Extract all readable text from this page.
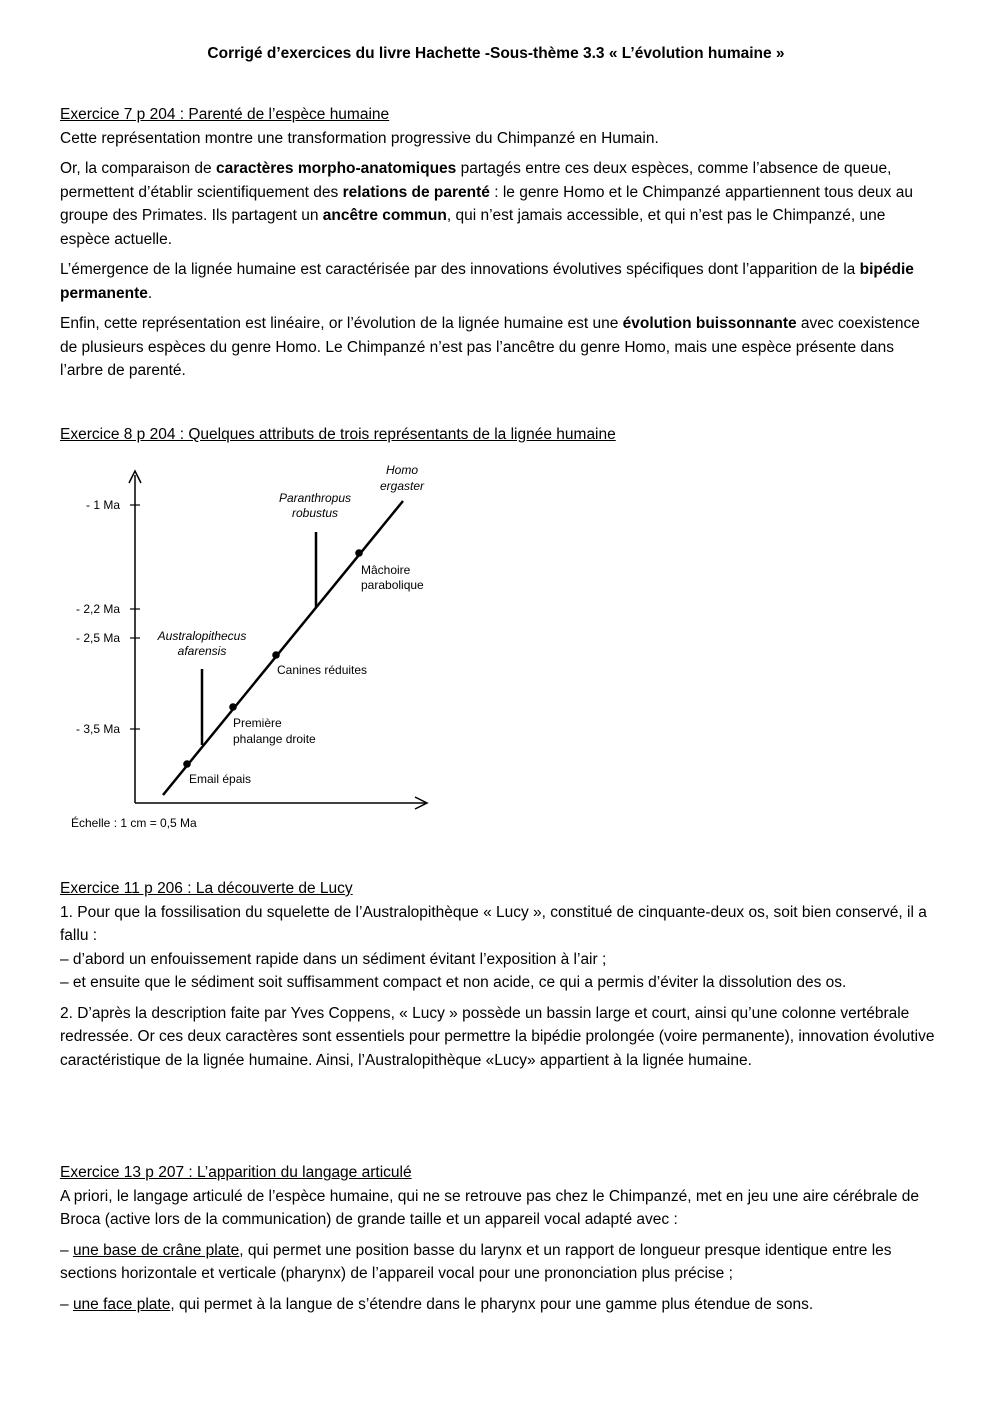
Corrigé d’exercices du livre Hachette -Sous-thème 3.3 « L’évolution humaine »

Exercice 7 p 204 : Parenté de l’espèce humaine

Cette représentation montre une transformation progressive du Chimpanzé en Humain.

Or, la comparaison de caractères morpho-anatomiques partagés entre ces deux espèces, comme l’absence de queue, permettent d’établir scientifiquement des relations de parenté : le genre Homo et le Chimpanzé appartiennent tous deux au groupe des Primates. Ils partagent un ancêtre commun, qui n’est jamais accessible, et qui n’est pas le Chimpanzé, une espèce actuelle.

L’émergence de la lignée humaine est caractérisée par des innovations évolutives spécifiques dont l’apparition de la bipédie permanente.

Enfin, cette représentation est linéaire, or l’évolution de la lignée humaine est une évolution buissonnante avec coexistence de plusieurs espèces du genre Homo. Le Chimpanzé n’est pas l’ancêtre du genre Homo, mais une espèce présente dans l’arbre de parenté.

Exercice 8 p 204 : Quelques attributs de trois représentants de la lignée humaine

- 1 Ma
- 2,2 Ma
- 2,5 Ma
- 3,5 Ma
Australopithecus
afarensis
Paranthropus
robustus
Homo
ergaster
Email épais
Première
phalange droite
Canines réduites
Mâchoire
parabolique
Échelle : 1 cm = 0,5 Ma

Exercice 11 p 206 : La découverte de Lucy

1. Pour que la fossilisation du squelette de l’Australopithèque « Lucy », constitué de cinquante-deux os, soit bien conservé, il a fallu :
– d’abord un enfouissement rapide dans un sédiment évitant l’exposition à l’air ;
– et ensuite que le sédiment soit suffisamment compact et non acide, ce qui a permis d’éviter la dissolution des os.

2. D’après la description faite par Yves Coppens, « Lucy » possède un bassin large et court, ainsi qu’une colonne vertébrale redressée. Or ces deux caractères sont essentiels pour permettre la bipédie prolongée (voire permanente), innovation évolutive caractéristique de la lignée humaine. Ainsi, l’Australopithèque «Lucy» appartient à la lignée humaine.

Exercice 13 p 207 : L’apparition du langage articulé

A priori, le langage articulé de l’espèce humaine, qui ne se retrouve pas chez le Chimpanzé, met en jeu une aire cérébrale de Broca (active lors de la communication) de grande taille et un appareil vocal adapté avec :

– une base de crâne plate, qui permet une position basse du larynx et un rapport de longueur presque identique entre les sections horizontale et verticale (pharynx) de l’appareil vocal pour une prononciation plus précise ;

– une face plate, qui permet à la langue de s’étendre dans le pharynx pour une gamme plus étendue de sons.
